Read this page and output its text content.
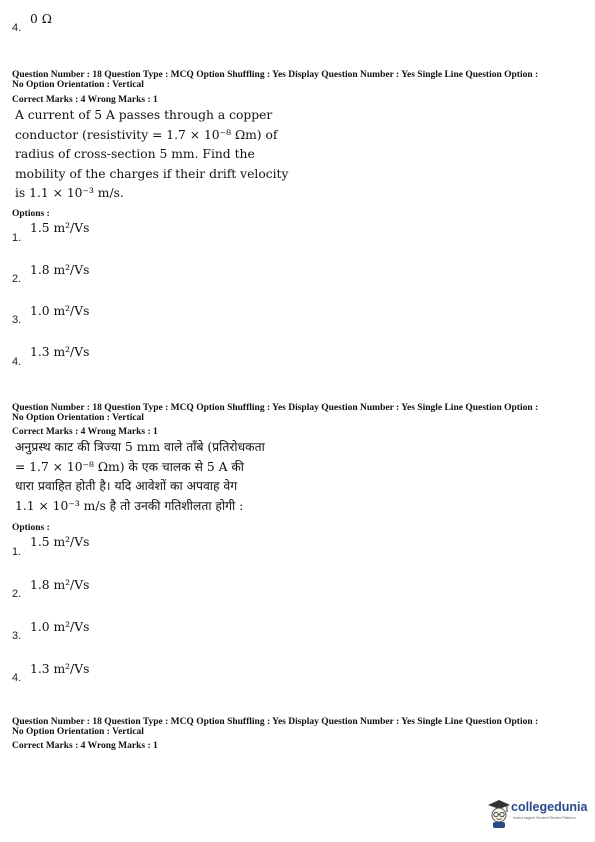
4.
0 Ω
Question Number : 18 Question Type : MCQ Option Shuffling : Yes Display Question Number : Yes Single Line Question Option :
No Option Orientation : Vertical
Correct Marks : 4 Wrong Marks : 1
A current of 5 A passes through a copper
conductor (resistivity = 1.7 × 10⁻⁸ Ωm) of
radius of cross-section 5 mm. Find the
mobility of the charges if their drift velocity
is 1.1 × 10⁻³ m/s.
Options :
1.
1.5 m²/Vs
2.
1.8 m²/Vs
3.
1.0 m²/Vs
4.
1.3 m²/Vs
Question Number : 18 Question Type : MCQ Option Shuffling : Yes Display Question Number : Yes Single Line Question Option :
No Option Orientation : Vertical
Correct Marks : 4 Wrong Marks : 1
अनुप्रस्थ काट की त्रिज्या 5 mm वाले ताँबे (प्रतिरोधकता
= 1.7 × 10⁻⁸ Ωm) के एक चालक से 5 A की
धारा प्रवाहित होती है। यदि आवेशों का अपवाह वेग
1.1 × 10⁻³ m/s है तो उनकी गतिशीलता होगी :
Options :
1.
1.5 m²/Vs
2.
1.8 m²/Vs
3.
1.0 m²/Vs
4.
1.3 m²/Vs
Question Number : 18 Question Type : MCQ Option Shuffling : Yes Display Question Number : Yes Single Line Question Option :
No Option Orientation : Vertical
Correct Marks : 4 Wrong Marks : 1
collegedunia
India's largest Student Review Platform
